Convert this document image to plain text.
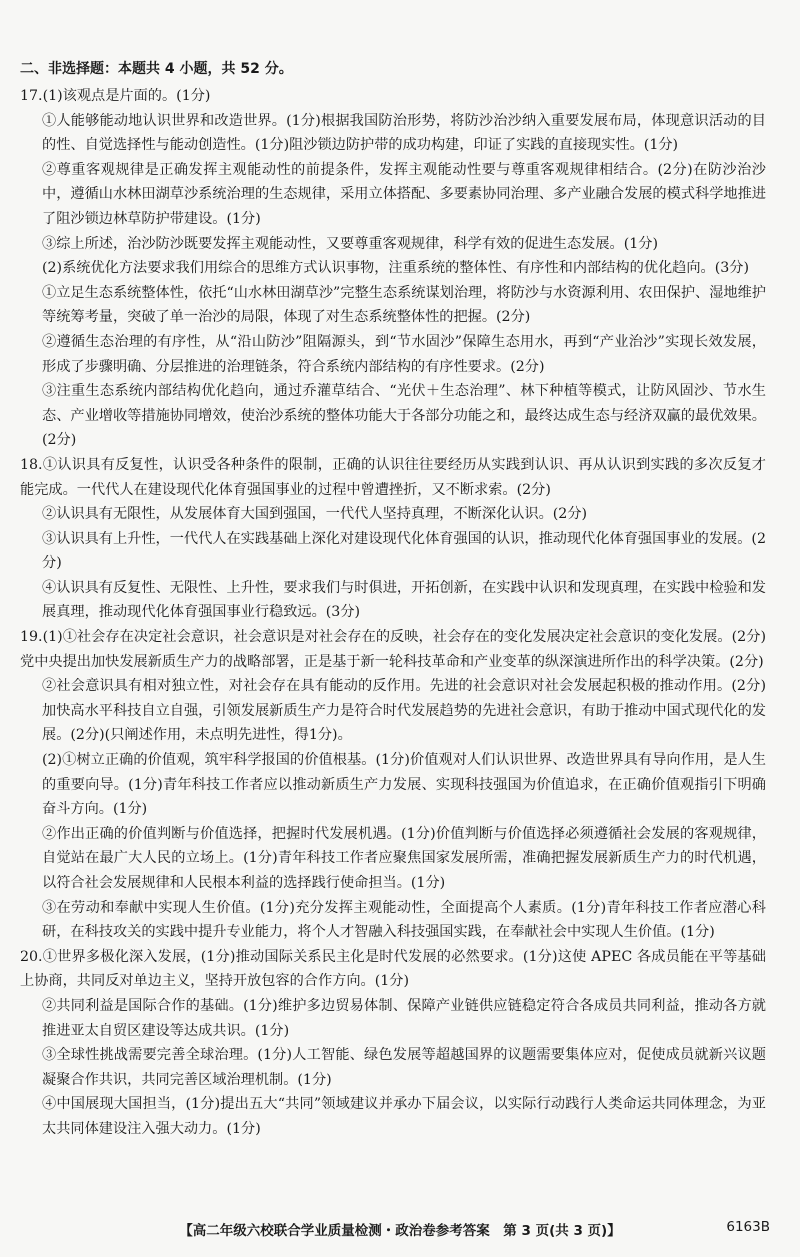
二、非选择题：本题共 4 小题，共 52 分。

17.(1)该观点是片面的。(1分)

①人能够能动地认识世界和改造世界。(1分)根据我国防治形势，将防沙治沙纳入重要发展布局，体现意识活动的目的性、自觉选择性与能动创造性。(1分)阻沙锁边防护带的成功构建，印证了实践的直接现实性。(1分)

②尊重客观规律是正确发挥主观能动性的前提条件，发挥主观能动性要与尊重客观规律相结合。(2分)在防沙治沙中，遵循山水林田湖草沙系统治理的生态规律，采用立体搭配、多要素协同治理、多产业融合发展的模式科学地推进了阻沙锁边林草防护带建设。(1分)

③综上所述，治沙防沙既要发挥主观能动性，又要尊重客观规律，科学有效的促进生态发展。(1分)

(2)系统优化方法要求我们用综合的思维方式认识事物，注重系统的整体性、有序性和内部结构的优化趋向。(3分)

①立足生态系统整体性，依托“山水林田湖草沙”完整生态系统谋划治理，将防沙与水资源利用、农田保护、湿地维护等统筹考量，突破了单一治沙的局限，体现了对生态系统整体性的把握。(2分)

②遵循生态治理的有序性，从“沿山防沙”阻隔源头，到“节水固沙”保障生态用水，再到“产业治沙”实现长效发展，形成了步骤明确、分层推进的治理链条，符合系统内部结构的有序性要求。(2分)

③注重生态系统内部结构优化趋向，通过乔灌草结合、“光伏＋生态治理”、林下种植等模式，让防风固沙、节水生态、产业增收等措施协同增效，使治沙系统的整体功能大于各部分功能之和，最终达成生态与经济双赢的最优效果。(2分)

18.①认识具有反复性，认识受各种条件的限制，正确的认识往往要经历从实践到认识、再从认识到实践的多次反复才能完成。一代代人在建设现代化体育强国事业的过程中曾遭挫折，又不断求索。(2分)

②认识具有无限性，从发展体育大国到强国，一代代人坚持真理，不断深化认识。(2分)

③认识具有上升性，一代代人在实践基础上深化对建设现代化体育强国的认识，推动现代化体育强国事业的发展。(2分)

④认识具有反复性、无限性、上升性，要求我们与时俱进，开拓创新，在实践中认识和发现真理，在实践中检验和发展真理，推动现代化体育强国事业行稳致远。(3分)

19.(1)①社会存在决定社会意识，社会意识是对社会存在的反映，社会存在的变化发展决定社会意识的变化发展。(2分)党中央提出加快发展新质生产力的战略部署，正是基于新一轮科技革命和产业变革的纵深演进所作出的科学决策。(2分)

②社会意识具有相对独立性，对社会存在具有能动的反作用。先进的社会意识对社会发展起积极的推动作用。(2分)加快高水平科技自立自强，引领发展新质生产力是符合时代发展趋势的先进社会意识，有助于推动中国式现代化的发展。(2分)(只阐述作用，未点明先进性，得1分)。

(2)①树立正确的价值观，筑牢科学报国的价值根基。(1分)价值观对人们认识世界、改造世界具有导向作用，是人生的重要向导。(1分)青年科技工作者应以推动新质生产力发展、实现科技强国为价值追求，在正确价值观指引下明确奋斗方向。(1分)

②作出正确的价值判断与价值选择，把握时代发展机遇。(1分)价值判断与价值选择必须遵循社会发展的客观规律，自觉站在最广大人民的立场上。(1分)青年科技工作者应聚焦国家发展所需，准确把握发展新质生产力的时代机遇，以符合社会发展规律和人民根本利益的选择践行使命担当。(1分)

③在劳动和奉献中实现人生价值。(1分)充分发挥主观能动性，全面提高个人素质。(1分)青年科技工作者应潜心科研，在科技攻关的实践中提升专业能力，将个人才智融入科技强国实践，在奉献社会中实现人生价值。(1分)

20.①世界多极化深入发展，(1分)推动国际关系民主化是时代发展的必然要求。(1分)这使 APEC 各成员能在平等基础上协商，共同反对单边主义，坚持开放包容的合作方向。(1分)

②共同利益是国际合作的基础。(1分)维护多边贸易体制、保障产业链供应链稳定符合各成员共同利益，推动各方就推进亚太自贸区建设等达成共识。(1分)

③全球性挑战需要完善全球治理。(1分)人工智能、绿色发展等超越国界的议题需要集体应对，促使成员就新兴议题凝聚合作共识，共同完善区域治理机制。(1分)

④中国展现大国担当，(1分)提出五大“共同”领域建议并承办下届会议，以实际行动践行人类命运共同体理念，为亚太共同体建设注入强大动力。(1分)

【高二年级六校联合学业质量检测・政治卷参考答案　第 3 页(共 3 页)】	6163B
